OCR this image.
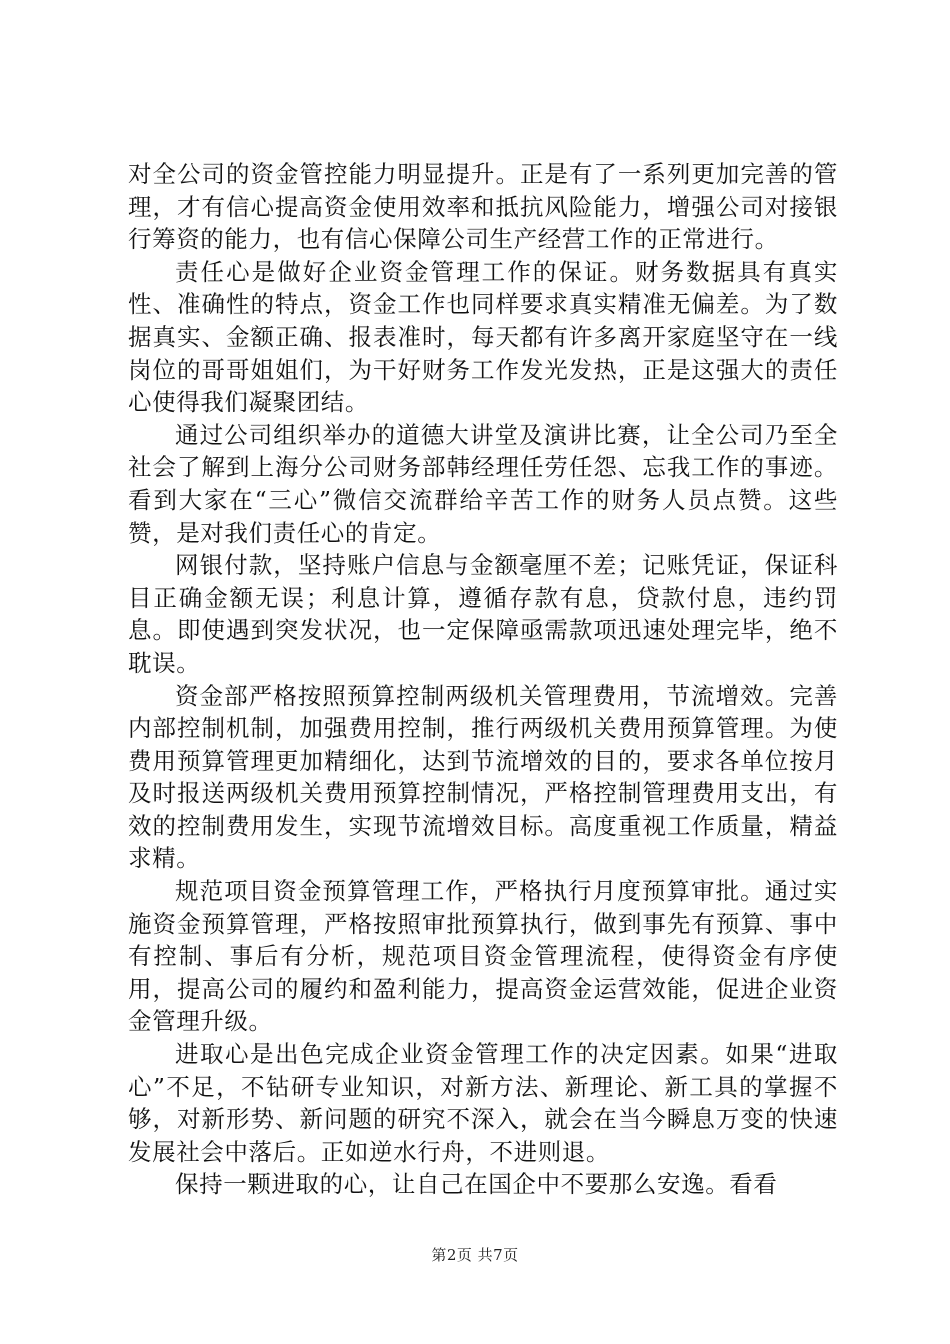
对全公司的资金管控能力明显提升。正是有了一系列更加完善的管理，才有信心提高资金使用效率和抵抗风险能力，增强公司对接银行筹资的能力，也有信心保障公司生产经营工作的正常进行。

责任心是做好企业资金管理工作的保证。财务数据具有真实性、准确性的特点，资金工作也同样要求真实精准无偏差。为了数据真实、金额正确、报表准时，每天都有许多离开家庭坚守在一线岗位的哥哥姐姐们，为干好财务工作发光发热，正是这强大的责任心使得我们凝聚团结。

通过公司组织举办的道德大讲堂及演讲比赛，让全公司乃至全社会了解到上海分公司财务部韩经理任劳任怨、忘我工作的事迹。看到大家在“三心”微信交流群给辛苦工作的财务人员点赞。这些赞，是对我们责任心的肯定。

网银付款，坚持账户信息与金额毫厘不差；记账凭证，保证科目正确金额无误；利息计算，遵循存款有息，贷款付息，违约罚息。即使遇到突发状况，也一定保障亟需款项迅速处理完毕，绝不耽误。

资金部严格按照预算控制两级机关管理费用，节流增效。完善内部控制机制，加强费用控制，推行两级机关费用预算管理。为使费用预算管理更加精细化，达到节流增效的目的，要求各单位按月及时报送两级机关费用预算控制情况，严格控制管理费用支出，有效的控制费用发生，实现节流增效目标。高度重视工作质量，精益求精。

规范项目资金预算管理工作，严格执行月度预算审批。通过实施资金预算管理，严格按照审批预算执行，做到事先有预算、事中有控制、事后有分析，规范项目资金管理流程，使得资金有序使用，提高公司的履约和盈利能力，提高资金运营效能，促进企业资金管理升级。

进取心是出色完成企业资金管理工作的决定因素。如果“进取心”不足，不钻研专业知识，对新方法、新理论、新工具的掌握不够，对新形势、新问题的研究不深入，就会在当今瞬息万变的快速发展社会中落后。正如逆水行舟，不进则退。

保持一颗进取的心，让自己在国企中不要那么安逸。看看

第2页 共7页
